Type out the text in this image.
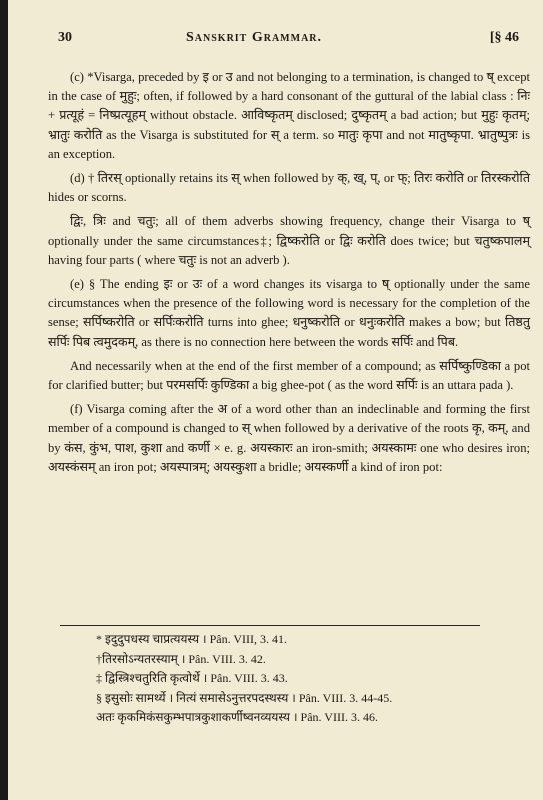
30	Sanskrit Grammar.	[§ 46

(c) *Visarga, preceded by इ or उ and not belonging to a termination, is changed to ष् except in the case of मुहुः; often, if followed by a hard consonant of the guttural of the labial class : निः + प्रत्यूहं = निष्प्रत्यूहम् without obstacle. आविष्कृतम् disclosed; दुष्कृतम् a bad action; but मुहुः कृतम्; भ्रातुः करोति as the Visarga is substituted for स् a term. so मातुः कृपा and not मातुष्कृपा. भ्रातुष्पुत्रः is an exception.

(d) † तिरस् optionally retains its स् when followed by क्, ख्, प्, or फ्; तिरः करोति or तिरस्करोति hides or scorns.

द्विः, त्रिः and चतुः; all of them adverbs showing frequency, change their Visarga to ष् optionally under the same circumstances‡; द्विष्करोति or द्विः करोति does twice; but चतुष्कपालम् having four parts ( where चतुः is not an adverb ).

(e) § The ending इः or उः of a word changes its visarga to ष् optionally under the same circumstances when the presence of the following word is necessary for the completion of the sense; सर्पिष्करोति or सर्पिःकरोति turns into ghee; धनुष्करोति or धनुःकरोति makes a bow; but तिष्ठतु सर्पिः पिब त्वमुदकम्, as there is no connection here between the words सर्पिः and पिब.

And necessarily when at the end of the first member of a compound; as सर्पिष्कुण्डिका a pot for clarified butter; but परमसर्पिः कुण्डिका a big ghee-pot ( as the word सर्पिः is an uttara pada ).

(f) Visarga coming after the अ of a word other than an indeclinable and forming the first member of a compound is changed to स् when followed by a derivative of the roots कृ, कम्, and by कंस, कुंभ, पाश, कुशा and कर्णी × e. g. अयस्कारः an iron-smith; अयस्कामः one who desires iron; अयस्कंसम् an iron pot; अयस्पात्रम्; अयस्कुशा a bridle; अयस्कर्णी a kind of iron pot:

* इदुदुपधस्य चाप्रत्ययस्य । Pân. VIII, 3. 41.
†तिरसोऽन्यतरस्याम् । Pân. VIII. 3. 42.
‡ द्विस्त्रिश्चतुरिति कृत्वोर्थे । Pân. VIII. 3. 43.
§ इसुसोः सामर्थ्ये । नित्यं समासेऽनुत्तरपदस्थस्य । Pân. VIII. 3. 44-45.
अतः कृकमिकंसकुम्भपात्रकुशाकर्णीष्वनव्ययस्य । Pân. VIII. 3. 46.
